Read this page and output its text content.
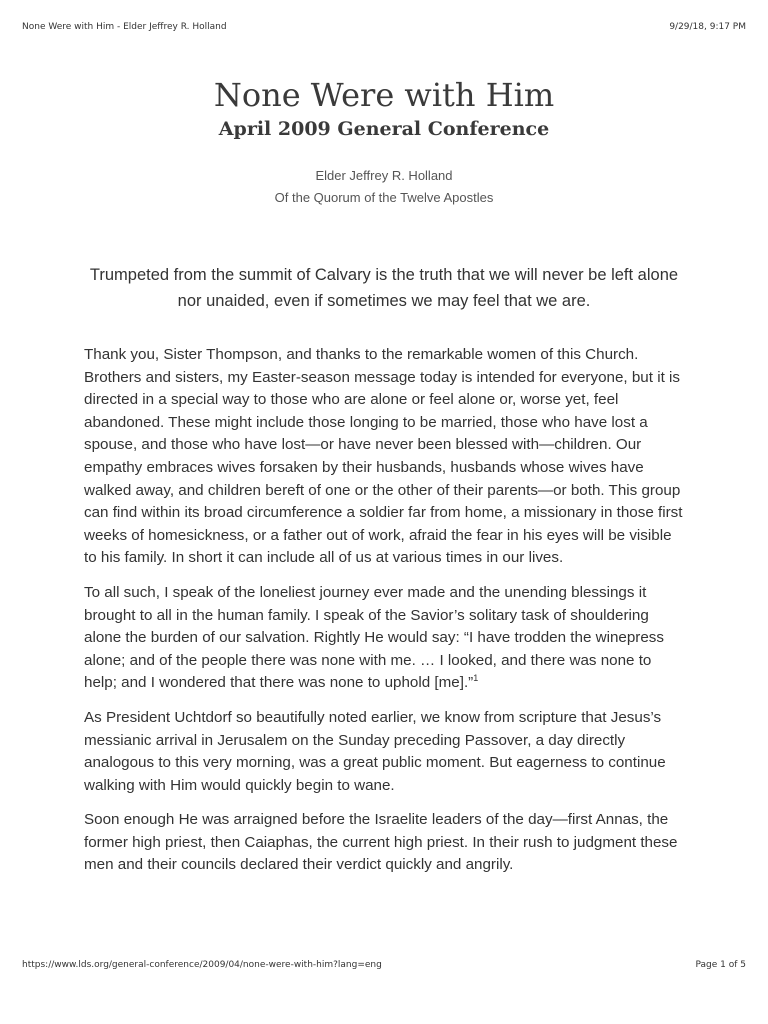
None Were with Him - Elder Jeffrey R. Holland	9/29/18, 9:17 PM
None Were with Him
April 2009 General Conference
Elder Jeffrey R. Holland
Of the Quorum of the Twelve Apostles

Trumpeted from the summit of Calvary is the truth that we will never be left alone nor unaided, even if sometimes we may feel that we are.

Thank you, Sister Thompson, and thanks to the remarkable women of this Church. Brothers and sisters, my Easter-season message today is intended for everyone, but it is directed in a special way to those who are alone or feel alone or, worse yet, feel abandoned. These might include those longing to be married, those who have lost a spouse, and those who have lost—or have never been blessed with—children. Our empathy embraces wives forsaken by their husbands, husbands whose wives have walked away, and children bereft of one or the other of their parents—or both. This group can find within its broad circumference a soldier far from home, a missionary in those first weeks of homesickness, or a father out of work, afraid the fear in his eyes will be visible to his family. In short it can include all of us at various times in our lives.

To all such, I speak of the loneliest journey ever made and the unending blessings it brought to all in the human family. I speak of the Savior’s solitary task of shouldering alone the burden of our salvation. Rightly He would say: “I have trodden the winepress alone; and of the people there was none with me. … I looked, and there was none to help; and I wondered that there was none to uphold [me].”$^1$

As President Uchtdorf so beautifully noted earlier, we know from scripture that Jesus’s messianic arrival in Jerusalem on the Sunday preceding Passover, a day directly analogous to this very morning, was a great public moment. But eagerness to continue walking with Him would quickly begin to wane.

Soon enough He was arraigned before the Israelite leaders of the day—first Annas, the former high priest, then Caiaphas, the current high priest. In their rush to judgment these men and their councils declared their verdict quickly and angrily.

https://www.lds.org/general-conference/2009/04/none-were-with-him?lang=eng	Page 1 of 5
